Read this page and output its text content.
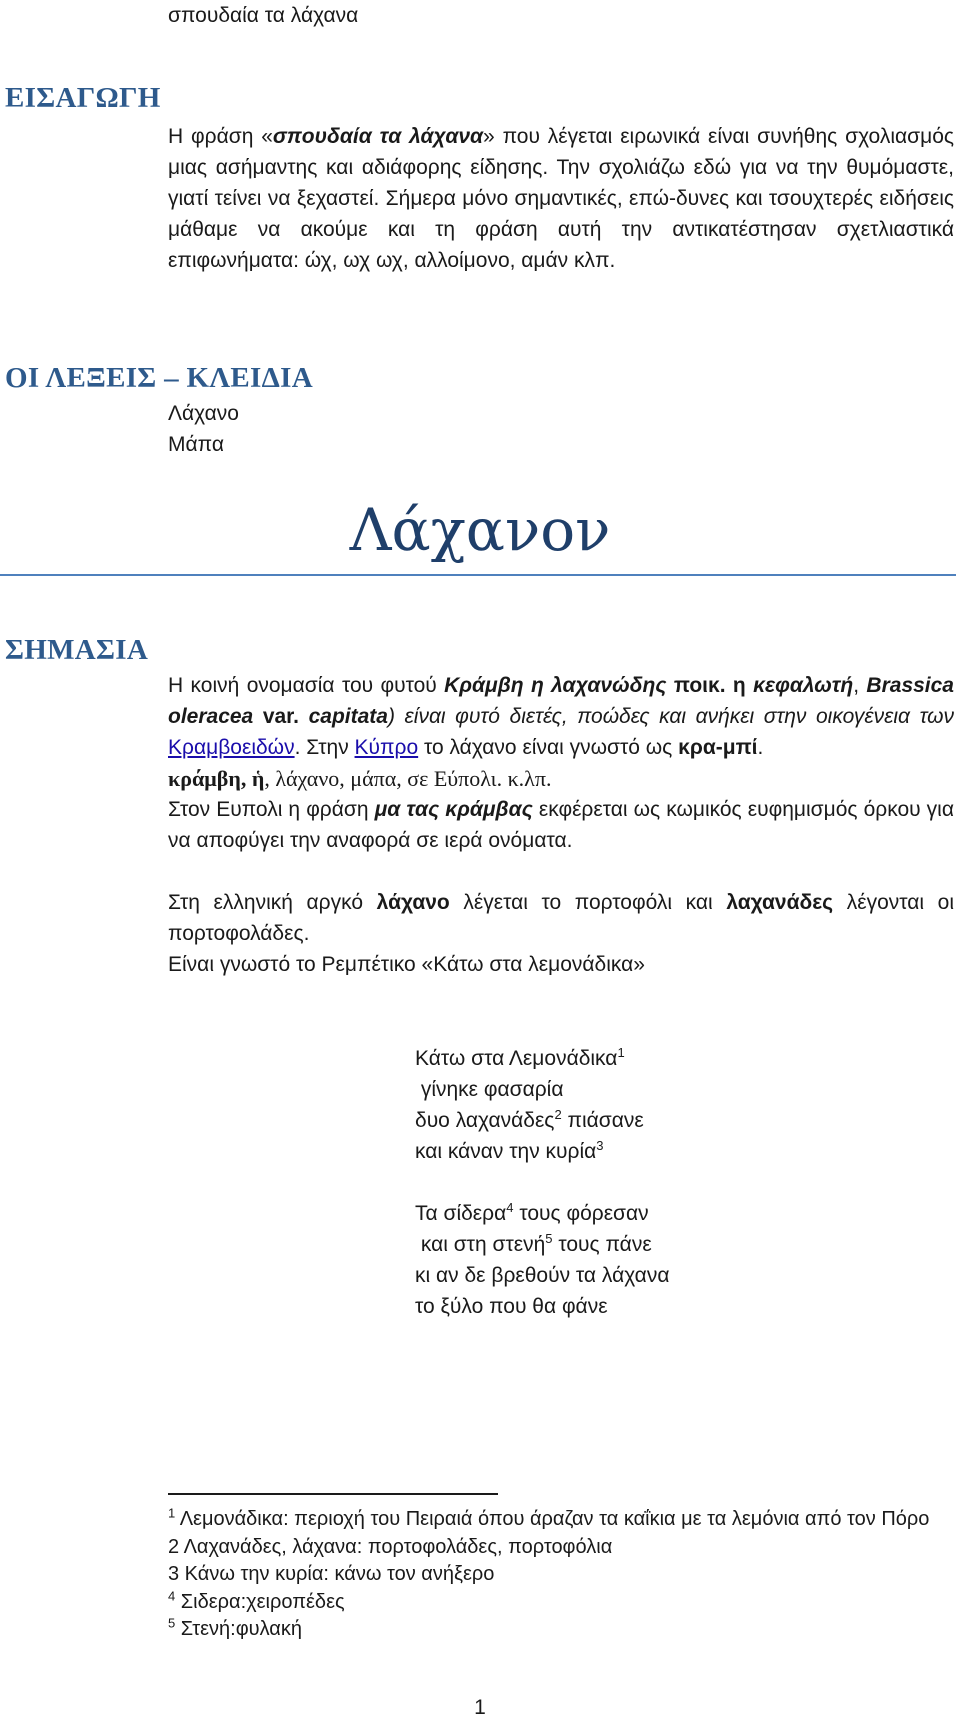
σπουδαία τα λάχανα
ΕΙΣΑΓΩΓΗ

Η φράση «σπουδαία τα λάχανα» που λέγεται ειρωνικά είναι συνήθης σχολιασμός μιας ασήμαντης και αδιάφορης είδησης. Την σχολιάζω εδώ για να την θυμόμαστε, γιατί τείνει να ξεχαστεί. Σήμερα μόνο σημαντικές, επώ-δυνες και τσουχτερές ειδήσεις μάθαμε να ακούμε και τη φράση αυτή την αντικατέστησαν σχετλιαστικά επιφωνήματα: ώχ, ωχ ωχ, αλλοίμονο, αμάν κλπ.

ΟΙ ΛΕΞΕΙΣ – ΚΛΕΙΔΙΑ
Λάχανο
Μάπα
Λάχανον
ΣΗΜΑΣΙΑ

Η κοινή ονομασία του φυτού Κράμβη η λαχανώδης ποικ. η κεφαλωτή, Brassica oleracea var. capitata) είναι φυτό διετές, ποώδες και ανήκει στην οικογένεια των Κραμβοειδών. Στην Κύπρο το λάχανο είναι γνωστό ως κρα-μπί.

κράμβη, ἡ, λάχανο, μάπα, σε Εύπολι. κ.λπ.

Στον Ευπολι η φράση μα τας κράμβας εκφέρεται ως κωμικός ευφημισμός όρκου για να αποφύγει την αναφορά σε ιερά ονόματα.

Στη ελληνική αργκό λάχανο λέγεται το πορτοφόλι και λαχανάδες λέγονται οι πορτοφολάδες.

Είναι γνωστό το Ρεμπέτικο «Κάτω στα λεμονάδικα»

Κάτω στα Λεμονάδικα$^1$
γίνηκε φασαρία
δυο λαχανάδες$^2$ πιάσανε
και κάναν την κυρία$^3$
Τα σίδερα$^4$ τους φόρεσαν
και στη στενή$^5$ τους πάνε
κι αν δε βρεθούν τα λάχανα
το ξύλο που θα φάνε
$^1$ Λεμονάδικα: περιοχή του Πειραιά όπου άραζαν τα καΐκια με τα λεμόνια από τον Πόρο
2 Λαχανάδες, λάχανα: πορτοφολάδες, πορτοφόλια
3 Κάνω την κυρία: κάνω τον ανήξερο
$^4$ Σιδερα:χειροπέδες
$^5$ Στενή:φυλακή
1
